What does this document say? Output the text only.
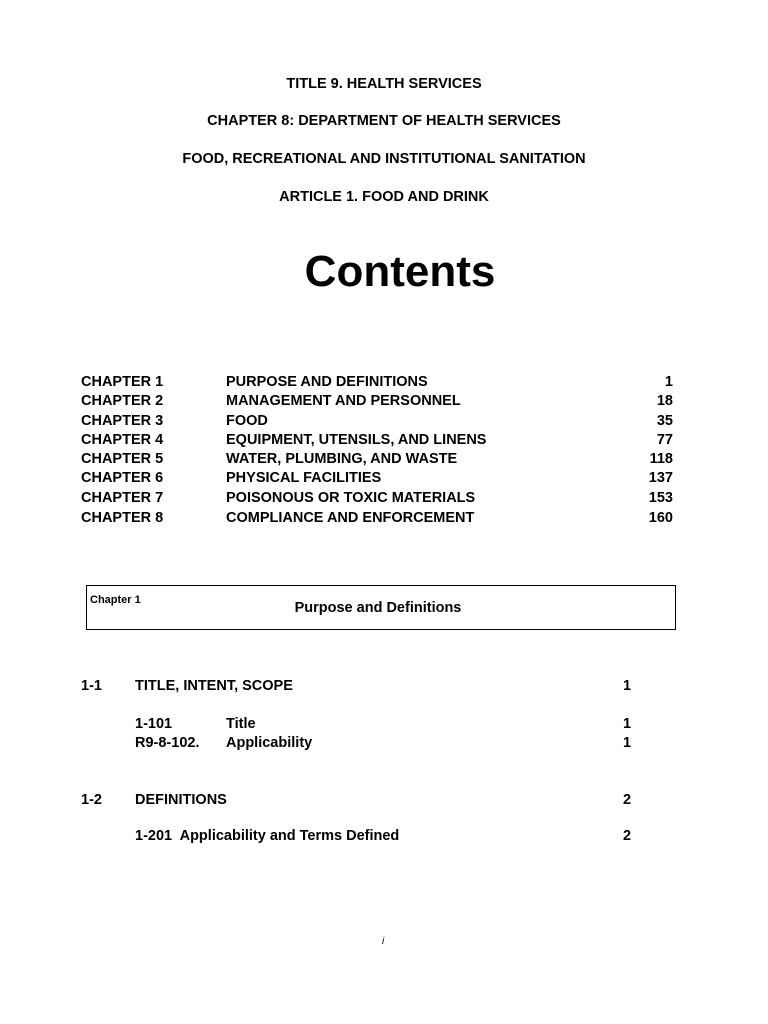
TITLE 9. HEALTH SERVICES
CHAPTER 8: DEPARTMENT OF HEALTH SERVICES
FOOD, RECREATIONAL AND INSTITUTIONAL SANITATION
ARTICLE 1. FOOD AND DRINK
Contents
CHAPTER 1	PURPOSE AND DEFINITIONS	1
CHAPTER 2	MANAGEMENT AND PERSONNEL	18
CHAPTER 3	FOOD	35
CHAPTER 4	EQUIPMENT, UTENSILS, AND LINENS	77
CHAPTER 5	WATER, PLUMBING, AND WASTE	118
CHAPTER 6	PHYSICAL FACILITIES	137
CHAPTER 7	POISONOUS OR TOXIC MATERIALS	153
CHAPTER 8	COMPLIANCE AND ENFORCEMENT	160
Chapter 1	Purpose and Definitions
1-1 TITLE, INTENT, SCOPE	1
1-101	Title	1
R9-8-102. Applicability	1
1-2 DEFINITIONS	2
1-201  Applicability and Terms Defined	2
i
